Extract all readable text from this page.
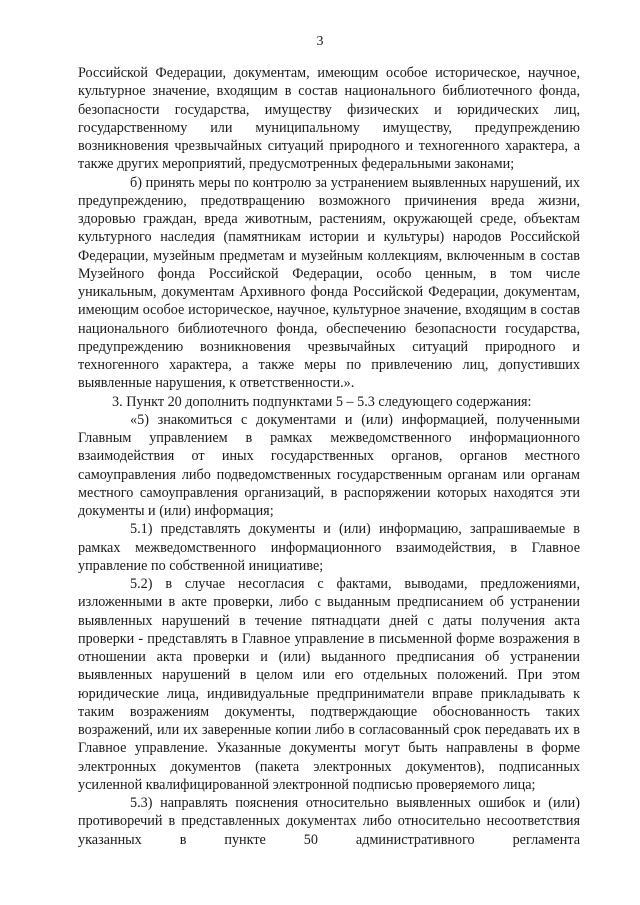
3

Российской Федерации, документам, имеющим особое историческое, научное, культурное значение, входящим в состав национального библиотечного фонда, безопасности государства, имуществу физических и юридических лиц, государственному или муниципальному имуществу, предупреждению возникновения чрезвычайных ситуаций природного и техногенного характера, а также других мероприятий, предусмотренных федеральными законами;

б) принять меры по контролю за устранением выявленных нарушений, их предупреждению, предотвращению возможного причинения вреда жизни, здоровью граждан, вреда животным, растениям, окружающей среде, объектам культурного наследия (памятникам истории и культуры) народов Российской Федерации, музейным предметам и музейным коллекциям, включенным в состав Музейного фонда Российской Федерации, особо ценным, в том числе уникальным, документам Архивного фонда Российской Федерации, документам, имеющим особое историческое, научное, культурное значение, входящим в состав национального библиотечного фонда, обеспечению безопасности государства, предупреждению возникновения чрезвычайных ситуаций природного и техногенного характера, а также меры по привлечению лиц, допустивших выявленные нарушения, к ответственности.».

3. Пункт 20 дополнить подпунктами 5 – 5.3 следующего содержания:

«5) знакомиться с документами и (или) информацией, полученными Главным управлением в рамках межведомственного информационного взаимодействия от иных государственных органов, органов местного самоуправления либо подведомственных государственным органам или органам местного самоуправления организаций, в распоряжении которых находятся эти документы и (или) информация;

5.1) представлять документы и (или) информацию, запрашиваемые в рамках межведомственного информационного взаимодействия, в Главное управление по собственной инициативе;

5.2) в случае несогласия с фактами, выводами, предложениями, изложенными в акте проверки, либо с выданным предписанием об устранении выявленных нарушений в течение пятнадцати дней с даты получения акта проверки - представлять в Главное управление в письменной форме возражения в отношении акта проверки и (или) выданного предписания об устранении выявленных нарушений в целом или его отдельных положений. При этом юридические лица, индивидуальные предприниматели вправе прикладывать к таким возражениям документы, подтверждающие обоснованность таких возражений, или их заверенные копии либо в согласованный срок передавать их в Главное управление. Указанные документы могут быть направлены в форме электронных документов (пакета электронных документов), подписанных усиленной квалифицированной электронной подписью проверяемого лица;

5.3) направлять пояснения относительно выявленных ошибок и (или) противоречий в представленных документах либо относительно несоответствия указанных в пункте 50 административного регламента
